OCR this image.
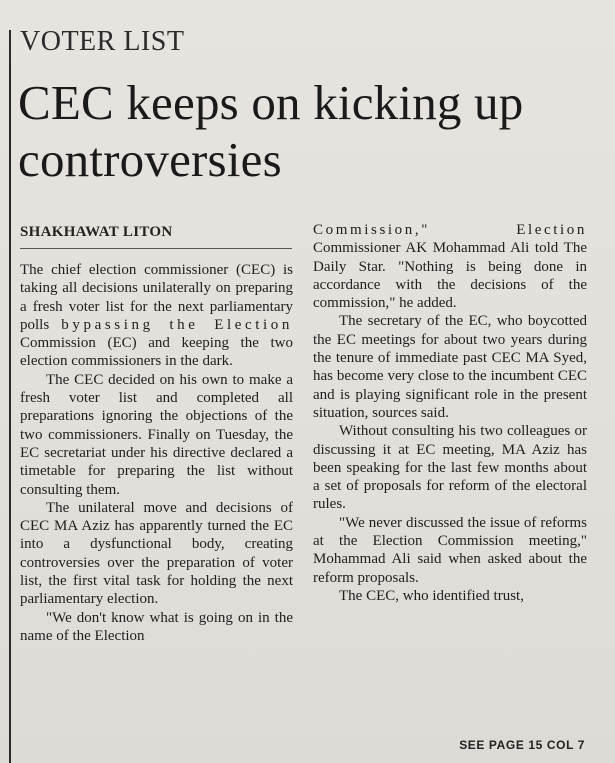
VOTER LIST
CEC keeps on kicking up controversies
SHAKHAWAT LITON

The chief election commissioner (CEC) is taking all decisions unilaterally on preparing a fresh voter list for the next parliamentary polls bypassing the Election Commission (EC) and keeping the two election commissioners in the dark.

The CEC decided on his own to make a fresh voter list and completed all preparations ignoring the objections of the two commissioners. Finally on Tuesday, the EC secretariat under his directive declared a timetable for preparing the list without consulting them.

The unilateral move and decisions of CEC MA Aziz has apparently turned the EC into a dysfunctional body, creating controversies over the preparation of voter list, the first vital task for holding the next parliamentary election.

"We don't know what is going on in the name of the Election

Commission," Election Commissioner AK Mohammad Ali told The Daily Star. "Nothing is being done in accordance with the decisions of the commission," he added.

The secretary of the EC, who boycotted the EC meetings for about two years during the tenure of immediate past CEC MA Syed, has become very close to the incumbent CEC and is playing significant role in the present situation, sources said.

Without consulting his two colleagues or discussing it at EC meeting, MA Aziz has been speaking for the last few months about a set of proposals for reform of the electoral rules.

"We never discussed the issue of reforms at the Election Commission meeting," Mohammad Ali said when asked about the reform proposals.

The CEC, who identified trust,

SEE PAGE 15 COL 7
